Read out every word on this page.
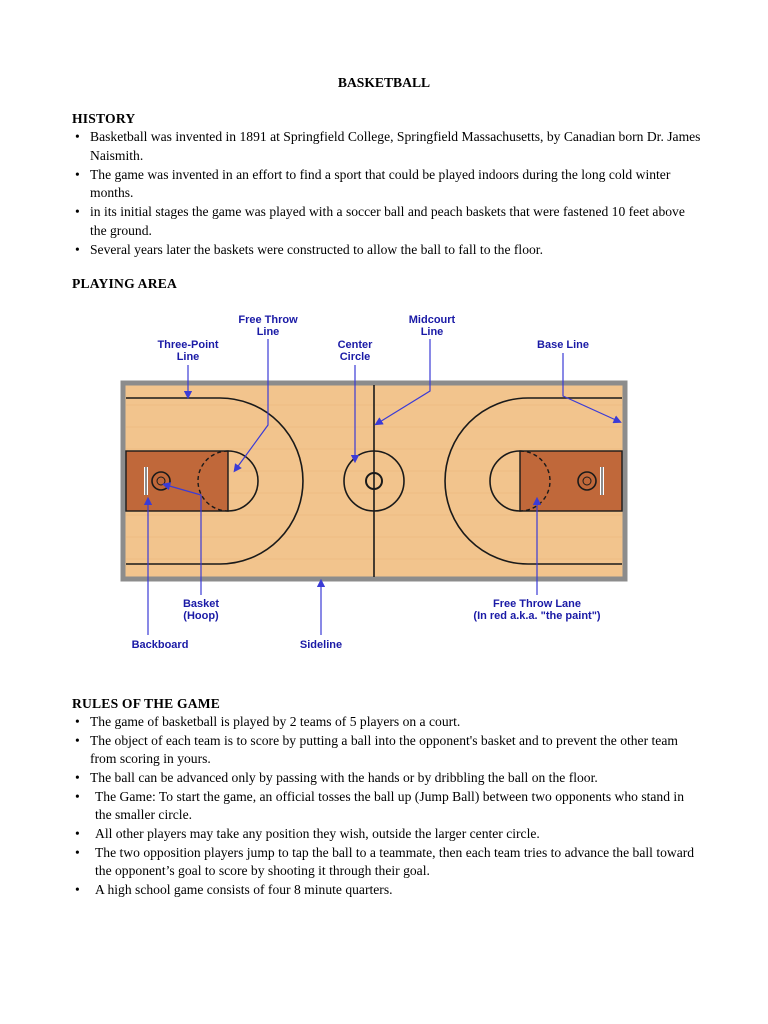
BASKETBALL
HISTORY
• Basketball was invented in 1891 at Springfield College, Springfield Massachusetts, by Canadian born Dr. James Naismith.
• The game was invented in an effort to find a sport that could be played indoors during the long cold winter months.
• in its initial stages the game was played with a soccer ball and peach baskets that were fastened 10 feet above the ground.
• Several years later the baskets were constructed to allow the ball to fall to the floor.
PLAYING AREA
Free Throw
Line
Midcourt
Line
Three-Point
Line
Center
Circle
Base Line
Basket
(Hoop)
Backboard	Sideline
Free Throw Lane
(In red a.k.a. "the paint")
RULES OF THE GAME
• The game of basketball is played by 2 teams of 5 players on a court.
• The object of each team is to score by putting a ball into the opponent's basket and to prevent the other team from scoring in yours.
• The ball can be advanced only by passing with the hands or by dribbling the ball on the floor.
• The Game: To start the game, an official tosses the ball up (Jump Ball) between two opponents who stand in the smaller circle.
• All other players may take any position they wish, outside the larger center circle.
• The two opposition players jump to tap the ball to a teammate, then each team tries to advance the ball toward the opponent’s goal to score by shooting it through their goal.
• A high school game consists of four 8 minute quarters.
